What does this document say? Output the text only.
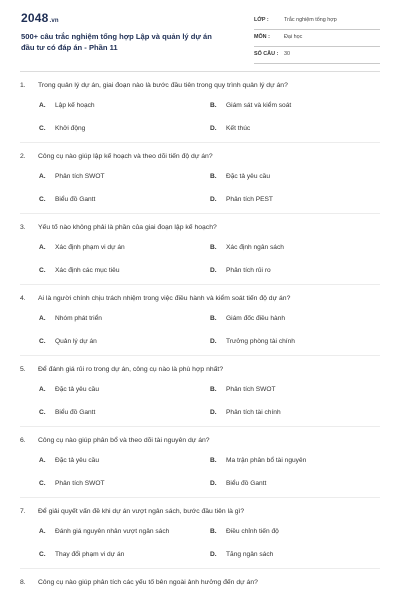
2048.vn
500+ câu trắc nghiệm tổng hợp Lập và quản lý dự án đầu tư có đáp án - Phần 11
LỚP :	Trắc nghiệm tổng hợp
MÔN :	Đại học
SỐ CÂU : 30
1. Trong quản lý dự án, giai đoạn nào là bước đầu tiên trong quy trình quản lý dự án?
A. Lập kế hoạch	B. Giám sát và kiểm soát
C. Khởi động	D. Kết thúc
2. Công cụ nào giúp lập kế hoạch và theo dõi tiến độ dự án?
A. Phân tích SWOT	B. Đặc tả yêu cầu
C. Biểu đồ Gantt	D. Phân tích PEST
3. Yếu tố nào không phải là phần của giai đoạn lập kế hoạch?
A. Xác định phạm vi dự án	B. Xác định ngân sách
C. Xác định các mục tiêu	D. Phân tích rủi ro
4. Ai là người chính chịu trách nhiệm trong việc điều hành và kiểm soát tiến độ dự án?
A. Nhóm phát triển	B. Giám đốc điều hành
C. Quản lý dự án	D. Trưởng phòng tài chính
5. Để đánh giá rủi ro trong dự án, công cụ nào là phù hợp nhất?
A. Đặc tả yêu cầu	B. Phân tích SWOT
C. Biểu đồ Gantt	D. Phân tích tài chính
6. Công cụ nào giúp phân bổ và theo dõi tài nguyên dự án?
A. Đặc tả yêu cầu	B. Ma trận phân bổ tài nguyên
C. Phân tích SWOT	D. Biểu đồ Gantt
7. Để giải quyết vấn đề khi dự án vượt ngân sách, bước đầu tiên là gì?
A. Đánh giá nguyên nhân vượt ngân sách	B. Điều chỉnh tiến độ
C. Thay đổi phạm vi dự án	D. Tăng ngân sách
8. Công cụ nào giúp phân tích các yếu tố bên ngoài ảnh hưởng đến dự án?
